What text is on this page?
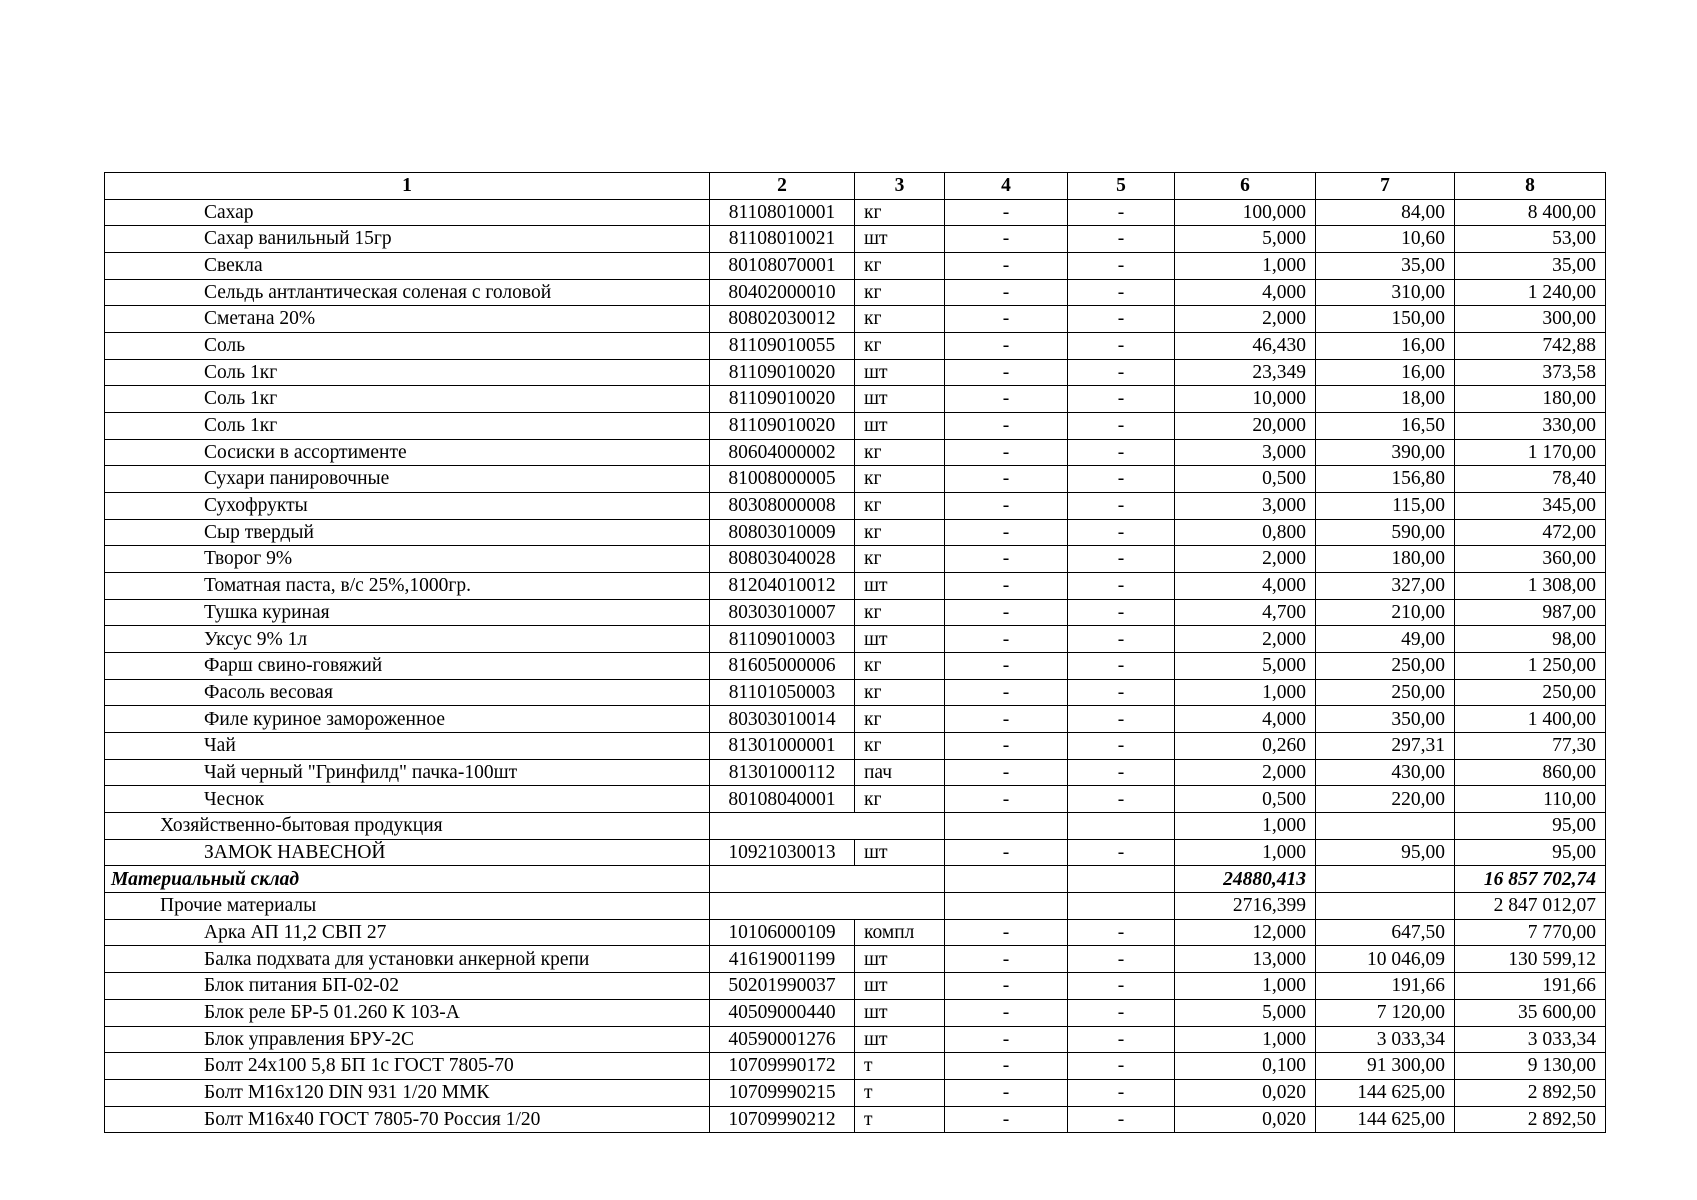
1	2	3	4	5	6	7	8
Сахар	81108010001	кг	-	-	100,000	84,00	8 400,00
Сахар ванильный 15гр	81108010021	шт	-	-	5,000	10,60	53,00
Свекла	80108070001	кг	-	-	1,000	35,00	35,00
Сельдь антлантическая соленая с головой	80402000010	кг	-	-	4,000	310,00	1 240,00
Сметана 20%	80802030012	кг	-	-	2,000	150,00	300,00
Соль	81109010055	кг	-	-	46,430	16,00	742,88
Соль 1кг	81109010020	шт	-	-	23,349	16,00	373,58
Соль 1кг	81109010020	шт	-	-	10,000	18,00	180,00
Соль 1кг	81109010020	шт	-	-	20,000	16,50	330,00
Сосиски в ассортименте	80604000002	кг	-	-	3,000	390,00	1 170,00
Сухари панировочные	81008000005	кг	-	-	0,500	156,80	78,40
Сухофрукты	80308000008	кг	-	-	3,000	115,00	345,00
Сыр твердый	80803010009	кг	-	-	0,800	590,00	472,00
Творог 9%	80803040028	кг	-	-	2,000	180,00	360,00
Томатная паста, в/с 25%,1000гр.	81204010012	шт	-	-	4,000	327,00	1 308,00
Тушка куриная	80303010007	кг	-	-	4,700	210,00	987,00
Уксус 9% 1л	81109010003	шт	-	-	2,000	49,00	98,00
Фарш свино-говяжий	81605000006	кг	-	-	5,000	250,00	1 250,00
Фасоль весовая	81101050003	кг	-	-	1,000	250,00	250,00
Филе куриное замороженное	80303010014	кг	-	-	4,000	350,00	1 400,00
Чай	81301000001	кг	-	-	0,260	297,31	77,30
Чай черный "Гринфилд" пачка-100шт	81301000112	пач	-	-	2,000	430,00	860,00
Чеснок	80108040001	кг	-	-	0,500	220,00	110,00
Хозяйственно-бытовая продукция					1,000		95,00
ЗАМОК НАВЕСНОЙ	10921030013	шт	-	-	1,000	95,00	95,00
Материальный склад					24880,413		16 857 702,74
Прочие материалы					2716,399		2 847 012,07
Арка АП 11,2 СВП 27	10106000109	компл	-	-	12,000	647,50	7 770,00
Балка подхвата для установки анкерной крепи	41619001199	шт	-	-	13,000	10 046,09	130 599,12
Блок питания БП-02-02	50201990037	шт	-	-	1,000	191,66	191,66
Блок реле БР-5 01.260 К 103-А	40509000440	шт	-	-	5,000	7 120,00	35 600,00
Блок управления БРУ-2С	40590001276	шт	-	-	1,000	3 033,34	3 033,34
Болт 24х100 5,8 БП 1с ГОСТ 7805-70	10709990172	т	-	-	0,100	91 300,00	9 130,00
Болт М16х120 DIN 931 1/20 ММК	10709990215	т	-	-	0,020	144 625,00	2 892,50
Болт М16х40 ГОСТ 7805-70 Россия 1/20	10709990212	т	-	-	0,020	144 625,00	2 892,50
